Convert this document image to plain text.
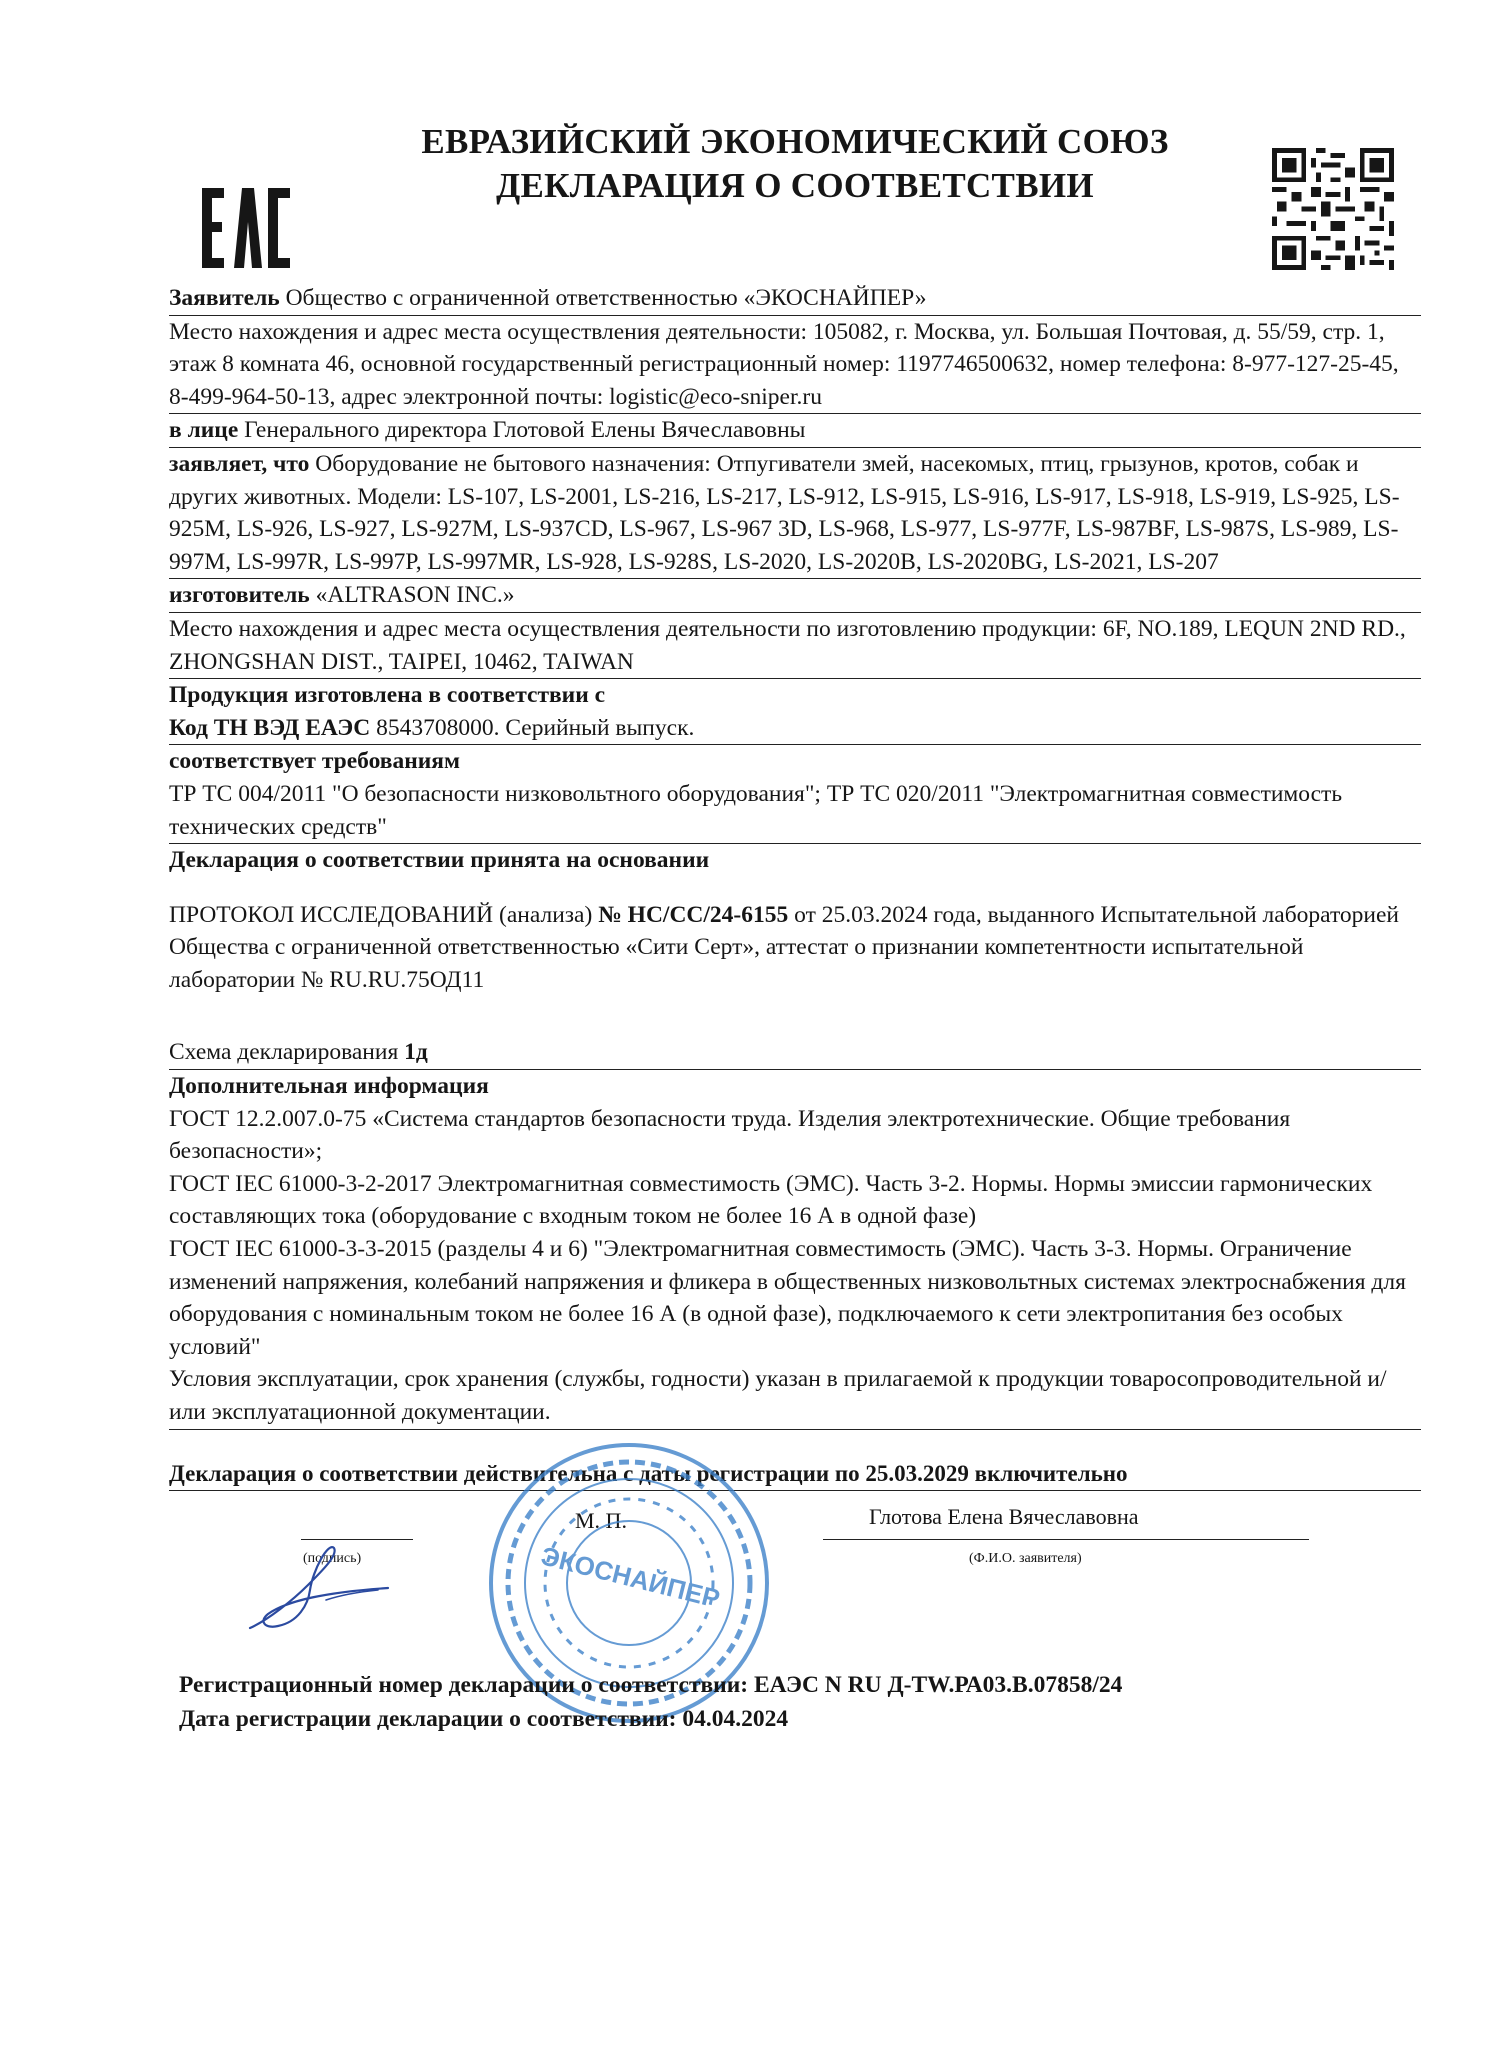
ЕВРАЗИЙСКИЙ ЭКОНОМИЧЕСКИЙ СОЮЗ
ДЕКЛАРАЦИЯ О СООТВЕТСТВИИ
Заявитель Общество с ограниченной ответственностью «ЭКОСНАЙПЕР»
Место нахождения и адрес места осуществления деятельности: 105082, г. Москва, ул. Большая Почтовая, д. 55/59, стр. 1, этаж 8 комната 46, основной государственный регистрационный номер: 1197746500632, номер телефона: 8-977-127-25-45, 8-499-964-50-13, адрес электронной почты: logistic@eco-sniper.ru
в лице Генерального директора Глотовой Елены Вячеславовны
заявляет, что Оборудование не бытового назначения: Отпугиватели змей, насекомых, птиц, грызунов, кротов, собак и других животных. Модели: LS-107, LS-2001, LS-216, LS-217, LS-912, LS-915, LS-916, LS-917, LS-918, LS-919, LS-925, LS-925M, LS-926, LS-927, LS-927M, LS-937CD, LS-967, LS-967 3D, LS-968, LS-977, LS-977F, LS-987BF, LS-987S, LS-989, LS-997M, LS-997R, LS-997P, LS-997MR, LS-928, LS-928S, LS-2020, LS-2020B, LS-2020BG, LS-2021, LS-207
изготовитель «ALTRASON INC.»
Место нахождения и адрес места осуществления деятельности по изготовлению продукции: 6F, NO.189, LEQUN 2ND RD., ZHONGSHAN DIST., TAIPEI, 10462, TAIWAN
Продукция изготовлена в соответствии с
Код ТН ВЭД ЕАЭС 8543708000. Серийный выпуск.
соответствует требованиям
ТР ТС 004/2011 "О безопасности низковольтного оборудования"; ТР ТС 020/2011 "Электромагнитная совместимость технических средств"
Декларация о соответствии принята на основании
ПРОТОКОЛ ИССЛЕДОВАНИЙ (анализа) № НС/СС/24-6155 от 25.03.2024 года, выданного Испытательной лабораторией Общества с ограниченной ответственностью «Сити Серт», аттестат о признании компетентности испытательной лаборатории № RU.RU.75ОД11
Схема декларирования 1д
Дополнительная информация
ГОСТ 12.2.007.0-75 «Система стандартов безопасности труда. Изделия электротехнические. Общие требования безопасности»;
ГОСТ IEC 61000-3-2-2017 Электромагнитная совместимость (ЭМС). Часть 3-2. Нормы. Нормы эмиссии гармонических составляющих тока (оборудование с входным током не более 16 А в одной фазе)
ГОСТ IEC 61000-3-3-2015 (разделы 4 и 6) "Электромагнитная совместимость (ЭМС). Часть 3-3. Нормы. Ограничение изменений напряжения, колебаний напряжения и фликера в общественных низковольтных системах электроснабжения для оборудования с номинальным током не более 16 А (в одной фазе), подключаемого к сети электропитания без особых условий"
Условия эксплуатации, срок хранения (службы, годности) указан в прилагаемой к продукции товаросопроводительной и/или эксплуатационной документации.
Декларация о соответствии действительна с даты регистрации по 25.03.2029 включительно
(подпись)
М. П.	Глотова Елена Вячеславовна
(Ф.И.О. заявителя)
ЭКОСНАЙПЕР
Регистрационный номер декларации о соответствии: ЕАЭС N RU Д-TW.РА03.В.07858/24
Дата регистрации декларации о соответствии: 04.04.2024
